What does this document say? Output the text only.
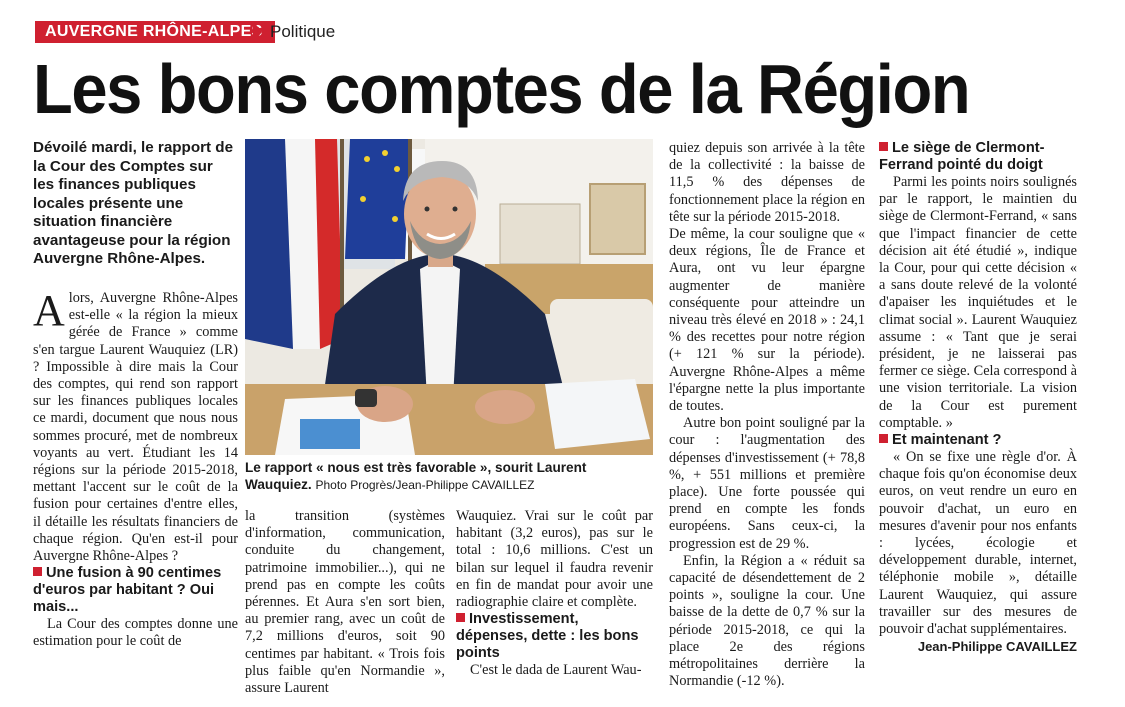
AUVERGNE RHÔNE-ALPES Politique
Les bons comptes de la Région
Dévoilé mardi, le rapport de la Cour des Comptes sur les finances publiques locales présente une situation financière avantageuse pour la région Auvergne Rhône-Alpes.

Alors, Auvergne Rhône-Alpes est-elle « la région la mieux gérée de France » comme s'en targue Laurent Wauquiez (LR) ? Impossible à dire mais la Cour des comptes, qui rend son rapport sur les finances publiques locales ce mardi, document que nous nous sommes procuré, met de nombreux voyants au vert. Étudiant les 14 régions sur la période 2015-2018, mettant l'accent sur le coût de la fusion pour certaines d'entre elles, il détaille les résultats financiers de chaque région. Qu'en est-il pour Auvergne Rhône-Alpes ?

Une fusion à 90 centimes d'euros par habitant ? Oui mais...

La Cour des comptes donne une estimation pour le coût de

Le rapport « nous est très favorable », sourit Laurent Wauquiez. Photo Progrès/Jean-Philippe CAVAILLEZ

la transition (systèmes d'information, communication, conduite du changement, patrimoine immobilier...), qui ne prend pas en compte les coûts pérennes. Et Aura s'en sort bien, au premier rang, avec un coût de 7,2 millions d'euros, soit 90 centimes par habitant. « Trois fois plus faible qu'en Normandie », assure Laurent

Wauquiez. Vrai sur le coût par habitant (3,2 euros), pas sur le total : 10,6 millions. C'est un bilan sur lequel il faudra revenir en fin de mandat pour avoir une radiographie claire et complète.

Investissement, dépenses, dette : les bons points

C'est le dada de Laurent Wau-

quiez depuis son arrivée à la tête de la collectivité : la baisse de 11,5 % des dépenses de fonctionnement place la région en tête sur la période 2015-2018.

De même, la cour souligne que « deux régions, Île de France et Aura, ont vu leur épargne augmenter de manière conséquente pour atteindre un niveau très élevé en 2018 » : 24,1 % des recettes pour notre région (+ 121 % sur la période). Auvergne Rhône-Alpes a même l'épargne nette la plus importante de toutes.

Autre bon point souligné par la cour : l'augmentation des dépenses d'investissement (+ 78,8 %, + 551 millions et première place). Une forte poussée qui prend en compte les fonds européens. Sans ceux-ci, la progression est de 29 %.

Enfin, la Région a « réduit sa capacité de désendettement de 2 points », souligne la cour. Une baisse de la dette de 0,7 % sur la période 2015-2018, ce qui la place 2e des régions métropolitaines derrière la Normandie (-12 %).

Le siège de Clermont-Ferrand pointé du doigt

Parmi les points noirs soulignés par le rapport, le maintien du siège de Clermont-Ferrand, « sans que l'impact financier de cette décision ait été étudié », indique la Cour, pour qui cette décision « a sans doute relevé de la volonté d'apaiser les inquiétudes et le climat social ». Laurent Wauquiez assume : « Tant que je serai président, je ne laisserai pas fermer ce siège. Cela correspond à une vision territoriale. La vision de la Cour est purement comptable. »

Et maintenant ?

« On se fixe une règle d'or. À chaque fois qu'on économise deux euros, on veut rendre un euro en pouvoir d'achat, un euro en mesures d'avenir pour nos enfants : lycées, écologie et développement durable, internet, téléphonie mobile », détaille Laurent Wauquiez, qui assure travailler sur des mesures de pouvoir d'achat supplémentaires.

Jean-Philippe CAVAILLEZ
